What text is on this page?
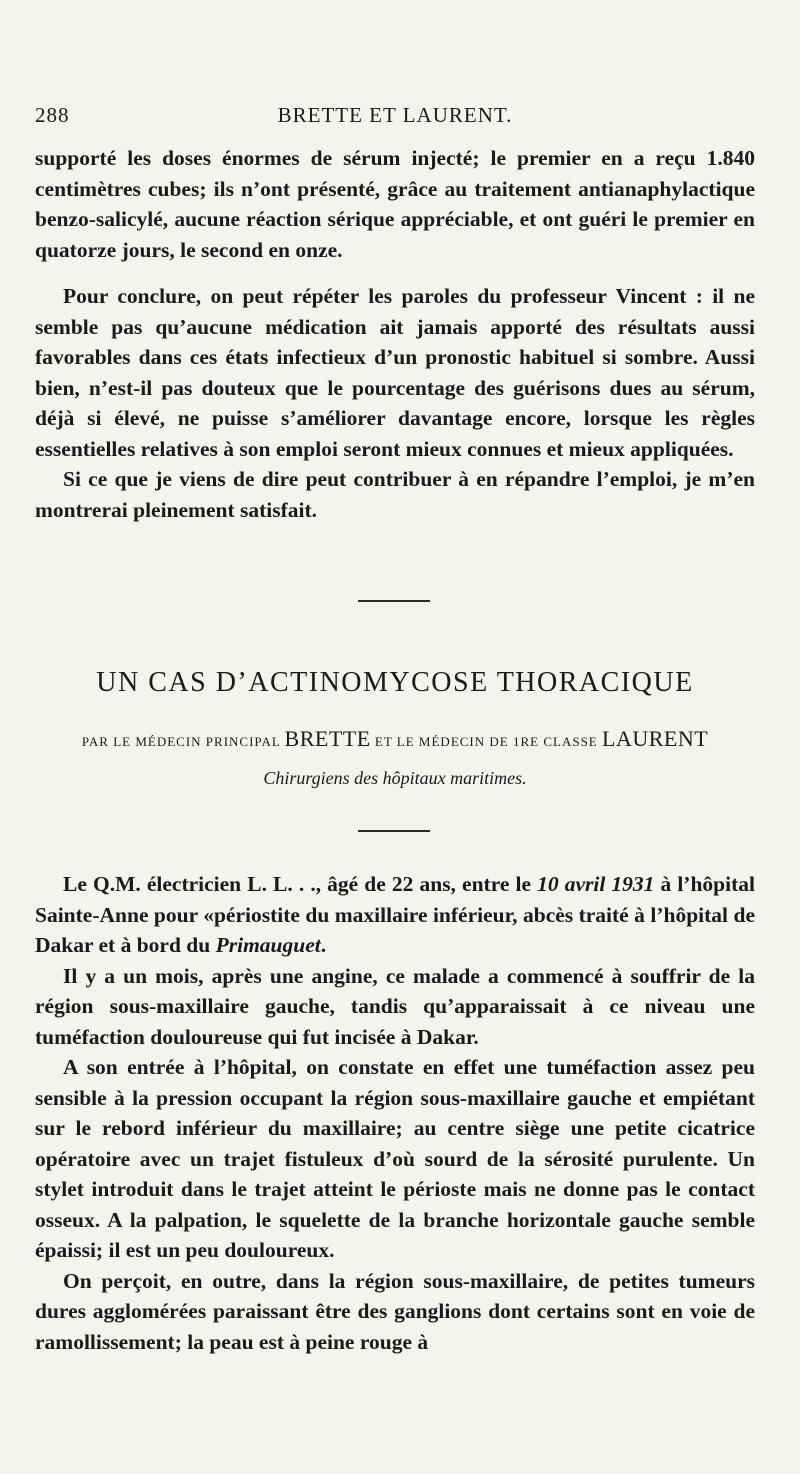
288	BRETTE ET LAURENT.

supporté les doses énormes de sérum injecté; le premier en a reçu 1.840 centimètres cubes; ils n’ont présenté, grâce au traitement antianaphylactique benzo-salicylé, aucune réaction sérique appréciable, et ont guéri le premier en quatorze jours, le second en onze.

Pour conclure, on peut répéter les paroles du professeur Vincent : il ne semble pas qu’aucune médication ait jamais apporté des résultats aussi favorables dans ces états infectieux d’un pronostic habituel si sombre. Aussi bien, n’est-il pas douteux que le pourcentage des guérisons dues au sérum, déjà si élevé, ne puisse s’améliorer davantage encore, lorsque les règles essentielles relatives à son emploi seront mieux connues et mieux appliquées.

Si ce que je viens de dire peut contribuer à en répandre l’emploi, je m’en montrerai pleinement satisfait.

UN CAS D’ACTINOMYCOSE THORACIQUE
PAR LE MÉDECIN PRINCIPAL BRETTE ET LE MÉDECIN DE 1RE CLASSE LAURENT
Chirurgiens des hôpitaux maritimes.

Le Q.M. électricien L. L. . ., âgé de 22 ans, entre le 10 avril 1931 à l’hôpital Sainte-Anne pour «périostite du maxillaire inférieur, abcès traité à l’hôpital de Dakar et à bord du Primauguet.

Il y a un mois, après une angine, ce malade a commencé à souffrir de la région sous-maxillaire gauche, tandis qu’apparaissait à ce niveau une tuméfaction douloureuse qui fut incisée à Dakar.

A son entrée à l’hôpital, on constate en effet une tuméfaction assez peu sensible à la pression occupant la région sous-maxillaire gauche et empiétant sur le rebord inférieur du maxillaire; au centre siège une petite cicatrice opératoire avec un trajet fistuleux d’où sourd de la sérosité purulente. Un stylet introduit dans le trajet atteint le périoste mais ne donne pas le contact osseux. A la palpation, le squelette de la branche horizontale gauche semble épaissi; il est un peu douloureux.

On perçoit, en outre, dans la région sous-maxillaire, de petites tumeurs dures agglomérées paraissant être des ganglions dont certains sont en voie de ramollissement; la peau est à peine rouge à
